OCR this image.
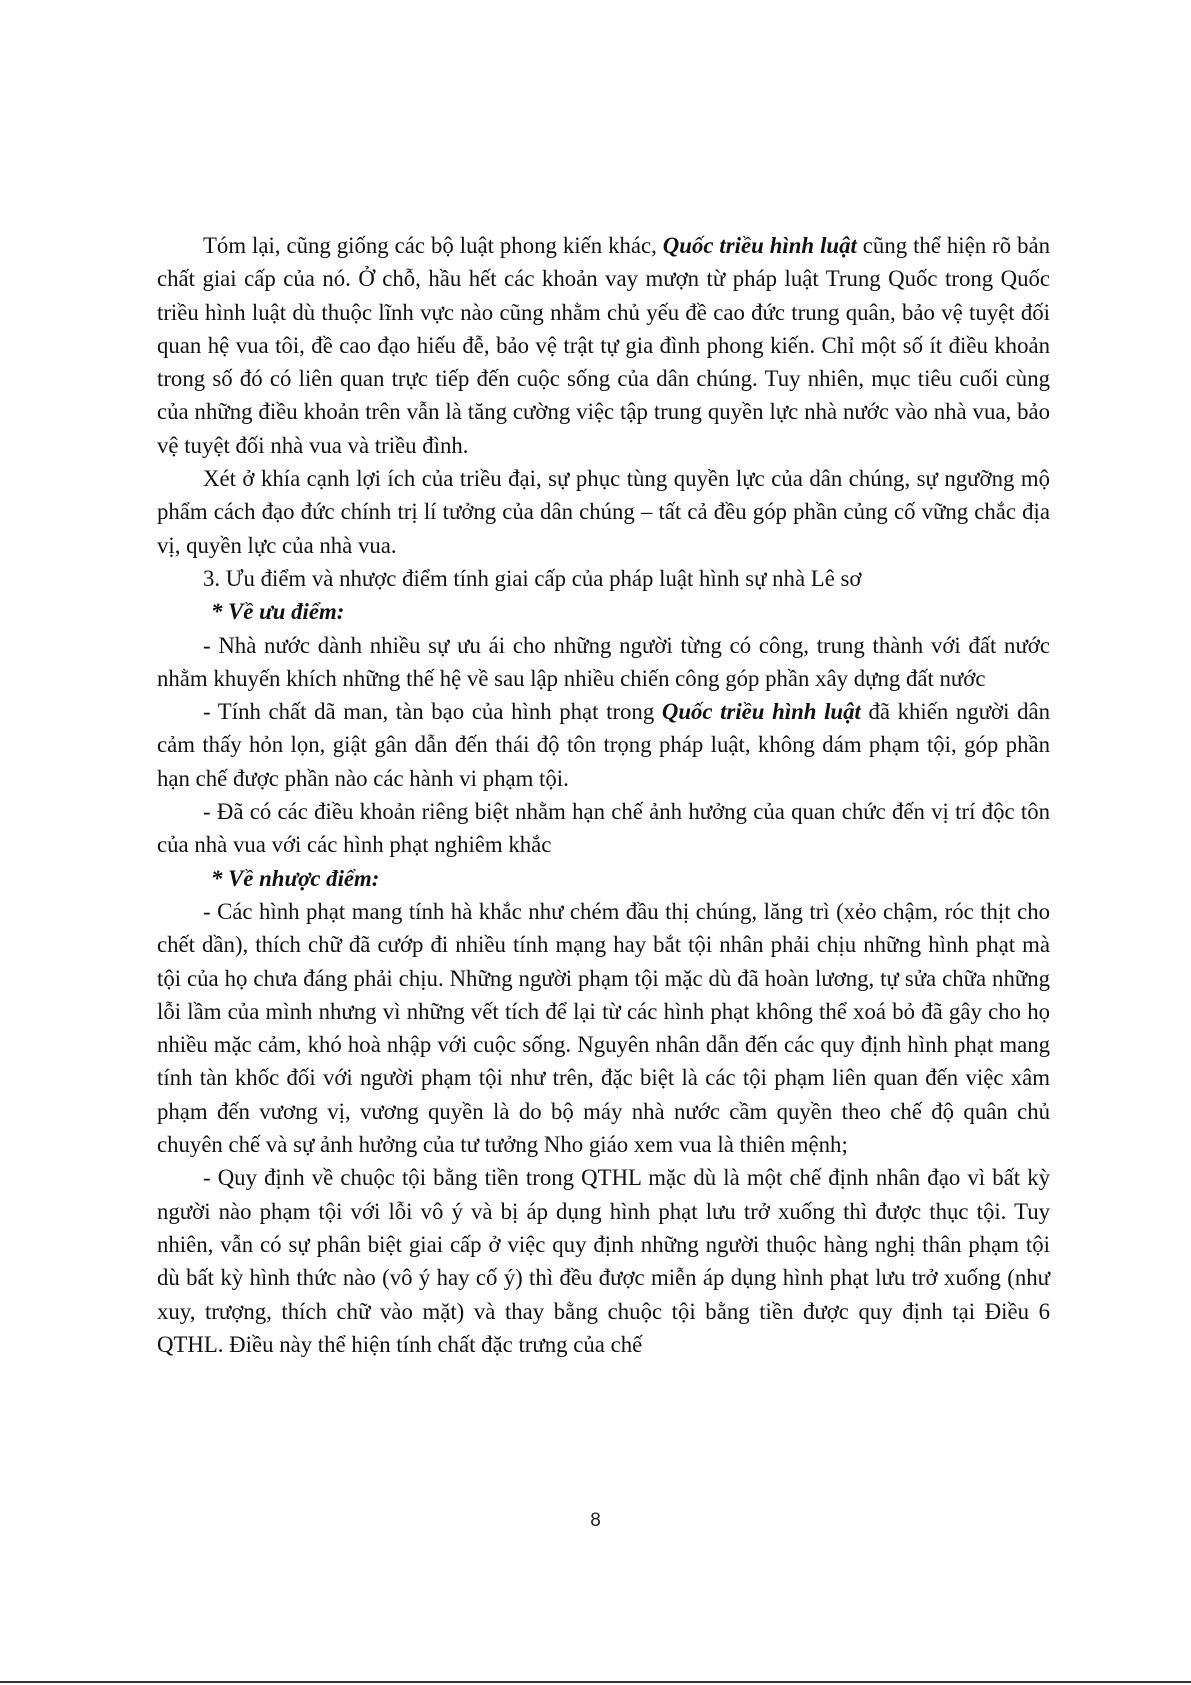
Tóm lại, cũng giống các bộ luật phong kiến khác, Quốc triều hình luật cũng thể hiện rõ bản chất giai cấp của nó. Ở chỗ, hầu hết các khoản vay mượn từ pháp luật Trung Quốc trong Quốc triều hình luật dù thuộc lĩnh vực nào cũng nhằm chủ yếu đề cao đức trung quân, bảo vệ tuyệt đối quan hệ vua tôi, đề cao đạo hiếu đễ, bảo vệ trật tự gia đình phong kiến. Chỉ một số ít điều khoản trong số đó có liên quan trực tiếp đến cuộc sống của dân chúng. Tuy nhiên, mục tiêu cuối cùng của những điều khoản trên vẫn là tăng cường việc tập trung quyền lực nhà nước vào nhà vua, bảo vệ tuyệt đối nhà vua và triều đình.

Xét ở khía cạnh lợi ích của triều đại, sự phục tùng quyền lực của dân chúng, sự ngưỡng mộ phẩm cách đạo đức chính trị lí tưởng của dân chúng – tất cả đều góp phần củng cố vững chắc địa vị, quyền lực của nhà vua.

3. Ưu điểm và nhược điểm tính giai cấp của pháp luật hình sự nhà Lê sơ

* Về ưu điểm:

- Nhà nước dành nhiều sự ưu ái cho những người từng có công, trung thành với đất nước nhằm khuyến khích những thế hệ về sau lập nhiều chiến công góp phần xây dựng đất nước

- Tính chất dã man, tàn bạo của hình phạt trong Quốc triều hình luật đã khiến người dân cảm thấy hỏn lọn, giật gân dẫn đến thái độ tôn trọng pháp luật, không dám phạm tội, góp phần hạn chế được phần nào các hành vi phạm tội.

- Đã có các điều khoản riêng biệt nhằm hạn chế ảnh hưởng của quan chức đến vị trí độc tôn của nhà vua với các hình phạt nghiêm khắc

* Về nhược điểm:

- Các hình phạt mang tính hà khắc như chém đầu thị chúng, lăng trì (xẻo chậm, róc thịt cho chết dần), thích chữ đã cướp đi nhiều tính mạng hay bắt tội nhân phải chịu những hình phạt mà tội của họ chưa đáng phải chịu. Những người phạm tội mặc dù đã hoàn lương, tự sửa chữa những lỗi lầm của mình nhưng vì những vết tích để lại từ các hình phạt không thể xoá bỏ đã gây cho họ nhiều mặc cảm, khó hoà nhập với cuộc sống. Nguyên nhân dẫn đến các quy định hình phạt mang tính tàn khốc đối với người phạm tội như trên, đặc biệt là các tội phạm liên quan đến việc xâm phạm đến vương vị, vương quyền là do bộ máy nhà nước cầm quyền theo chế độ quân chủ chuyên chế và sự ảnh hưởng của tư tưởng Nho giáo xem vua là thiên mệnh;

- Quy định về chuộc tội bằng tiền trong QTHL mặc dù là một chế định nhân đạo vì bất kỳ người nào phạm tội với lỗi vô ý và bị áp dụng hình phạt lưu trở xuống thì được thục tội. Tuy nhiên, vẫn có sự phân biệt giai cấp ở việc quy định những người thuộc hàng nghị thân phạm tội dù bất kỳ hình thức nào (vô ý hay cố ý) thì đều được miễn áp dụng hình phạt lưu trở xuống (như xuy, trượng, thích chữ vào mặt) và thay bằng chuộc tội bằng tiền được quy định tại Điều 6 QTHL. Điều này thể hiện tính chất đặc trưng của chế

8
